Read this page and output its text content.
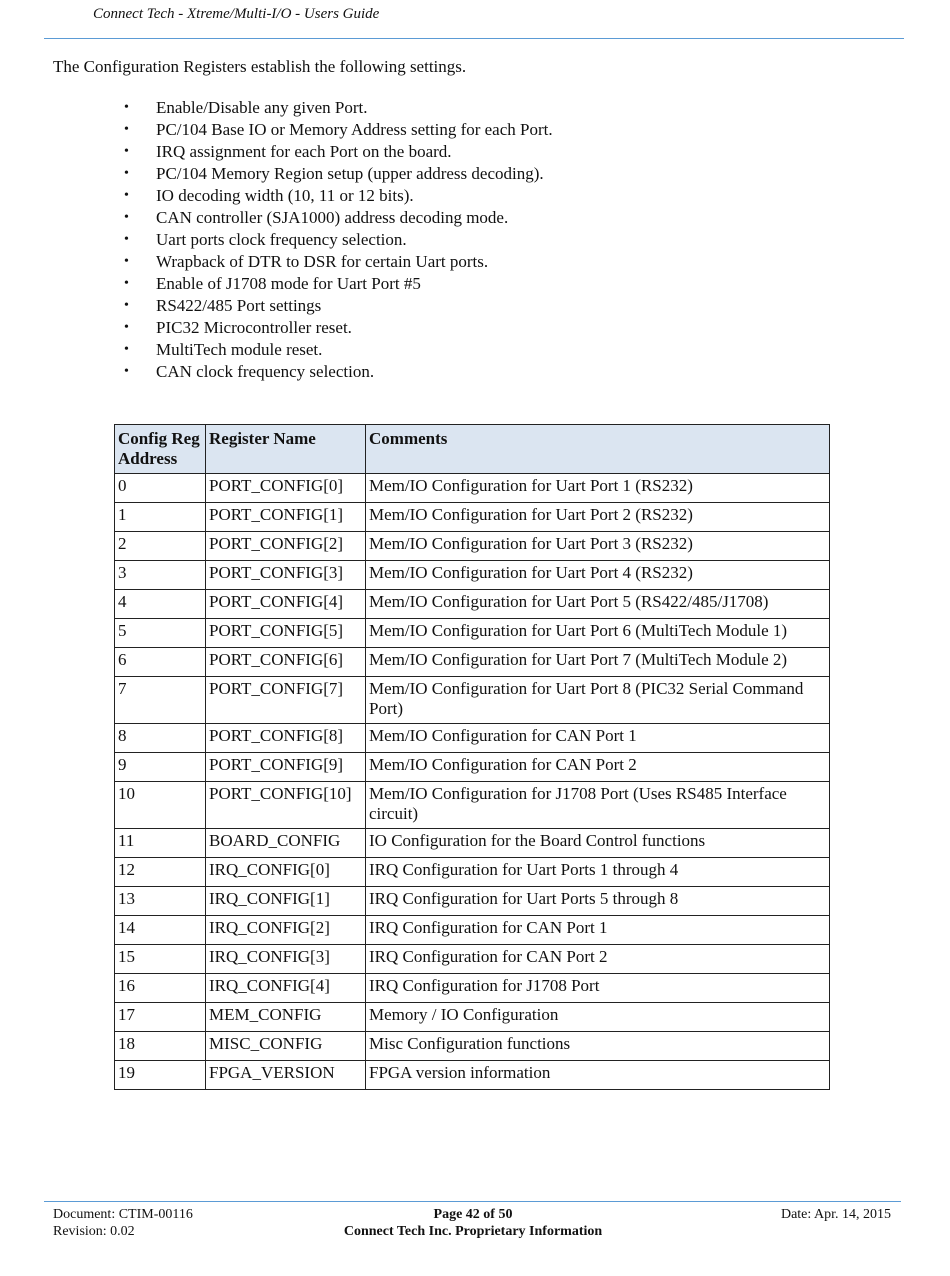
Connect Tech - Xtreme/Multi-I/O - Users Guide
The Configuration Registers establish the following settings.
• Enable/Disable any given Port.
• PC/104 Base IO or Memory Address setting for each Port.
• IRQ assignment for each Port on the board.
• PC/104 Memory Region setup (upper address decoding).
• IO decoding width (10, 11 or 12 bits).
• CAN controller (SJA1000) address decoding mode.
• Uart ports clock frequency selection.
• Wrapback of DTR to DSR for certain Uart ports.
• Enable of J1708 mode for Uart Port #5
• RS422/485 Port settings
• PIC32 Microcontroller reset.
• MultiTech module reset.
• CAN clock frequency selection.
Config Reg Address	Register Name	Comments
0	PORT_CONFIG[0]	Mem/IO Configuration for Uart Port 1 (RS232)
1	PORT_CONFIG[1]	Mem/IO Configuration for Uart Port 2 (RS232)
2	PORT_CONFIG[2]	Mem/IO Configuration for Uart Port 3 (RS232)
3	PORT_CONFIG[3]	Mem/IO Configuration for Uart Port 4 (RS232)
4	PORT_CONFIG[4]	Mem/IO Configuration for Uart Port 5 (RS422/485/J1708)
5	PORT_CONFIG[5]	Mem/IO Configuration for Uart Port 6 (MultiTech Module 1)
6	PORT_CONFIG[6]	Mem/IO Configuration for Uart Port 7 (MultiTech Module 2)
7	PORT_CONFIG[7]	Mem/IO Configuration for Uart Port 8 (PIC32 Serial Command Port)
8	PORT_CONFIG[8]	Mem/IO Configuration for CAN Port 1
9	PORT_CONFIG[9]	Mem/IO Configuration for CAN Port 2
10	PORT_CONFIG[10]	Mem/IO Configuration for J1708 Port (Uses RS485 Interface circuit)
11	BOARD_CONFIG	IO Configuration for the Board Control functions
12	IRQ_CONFIG[0]	IRQ Configuration for Uart Ports 1 through 4
13	IRQ_CONFIG[1]	IRQ Configuration for Uart Ports 5 through 8
14	IRQ_CONFIG[2]	IRQ Configuration for CAN Port 1
15	IRQ_CONFIG[3]	IRQ Configuration for CAN Port 2
16	IRQ_CONFIG[4]	IRQ Configuration for J1708 Port
17	MEM_CONFIG	Memory / IO Configuration
18	MISC_CONFIG	Misc Configuration functions
19	FPGA_VERSION	FPGA version information
Document: CTIM-00116
Revision: 0.02
Page 42 of 50
Connect Tech Inc. Proprietary Information
Date: Apr. 14, 2015
